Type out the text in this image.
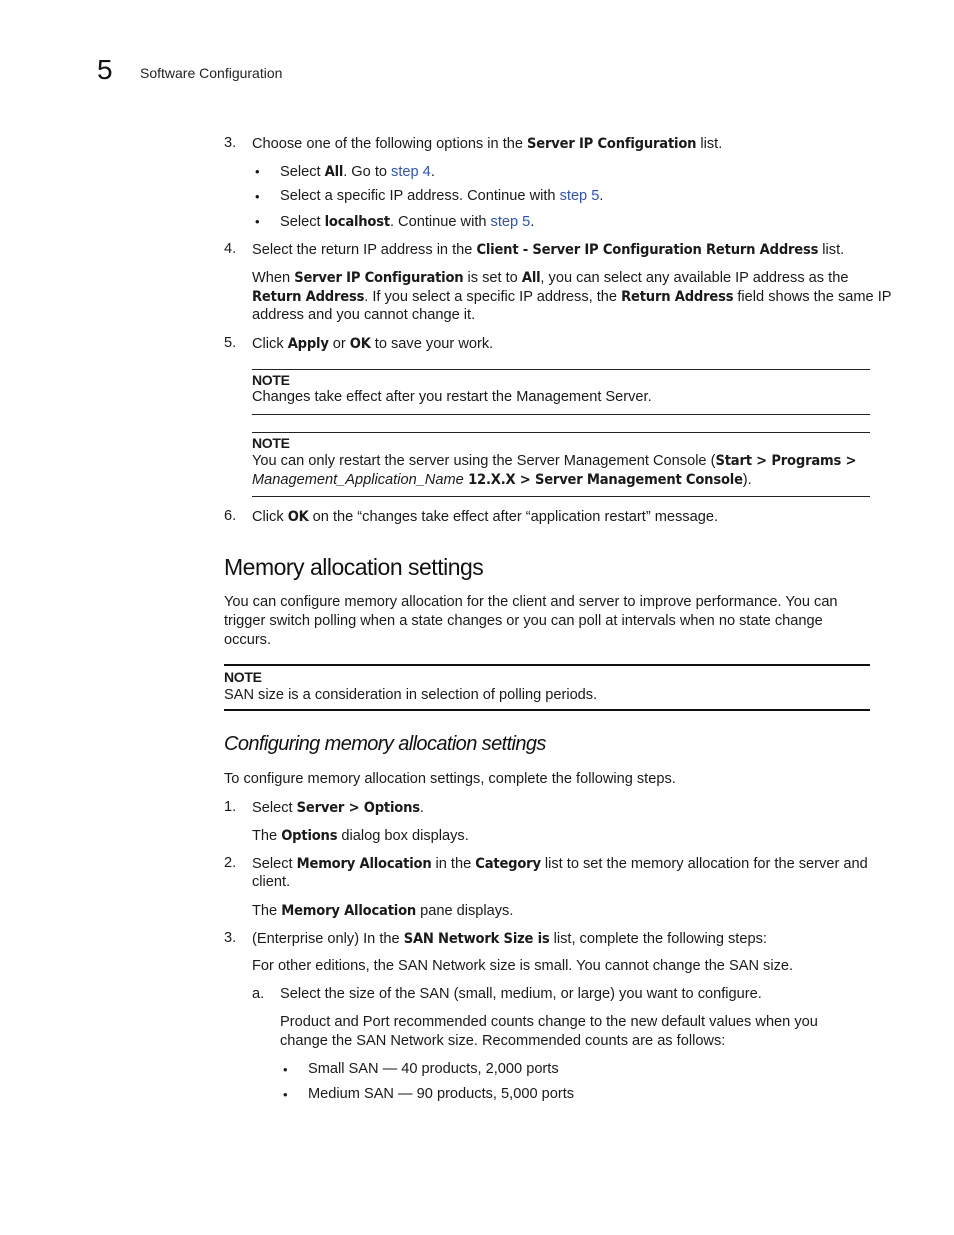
5 Software Configuration
3. Choose one of the following options in the Server IP Configuration list.
• Select All. Go to step 4.
• Select a specific IP address. Continue with step 5.
• Select localhost. Continue with step 5.
4. Select the return IP address in the Client - Server IP Configuration Return Address list.
When Server IP Configuration is set to All, you can select any available IP address as the
Return Address. If you select a specific IP address, the Return Address field shows the same IP
address and you cannot change it.
5. Click Apply or OK to save your work.
NOTE
Changes take effect after you restart the Management Server.
NOTE
You can only restart the server using the Server Management Console (Start > Programs >
Management_Application_Name 12.X.X > Server Management Console).
6. Click OK on the “changes take effect after “application restart” message.
Memory allocation settings
You can configure memory allocation for the client and server to improve performance. You can
trigger switch polling when a state changes or you can poll at intervals when no state change
occurs.
NOTE
SAN size is a consideration in selection of polling periods.
Configuring memory allocation settings
To configure memory allocation settings, complete the following steps.
1. Select Server > Options.
The Options dialog box displays.
2. Select Memory Allocation in the Category list to set the memory allocation for the server and
client.
The Memory Allocation pane displays.
3. (Enterprise only) In the SAN Network Size is list, complete the following steps:
For other editions, the SAN Network size is small. You cannot change the SAN size.
a. Select the size of the SAN (small, medium, or large) you want to configure.
Product and Port recommended counts change to the new default values when you
change the SAN Network size. Recommended counts are as follows:
• Small SAN — 40 products, 2,000 ports
• Medium SAN — 90 products, 5,000 ports
